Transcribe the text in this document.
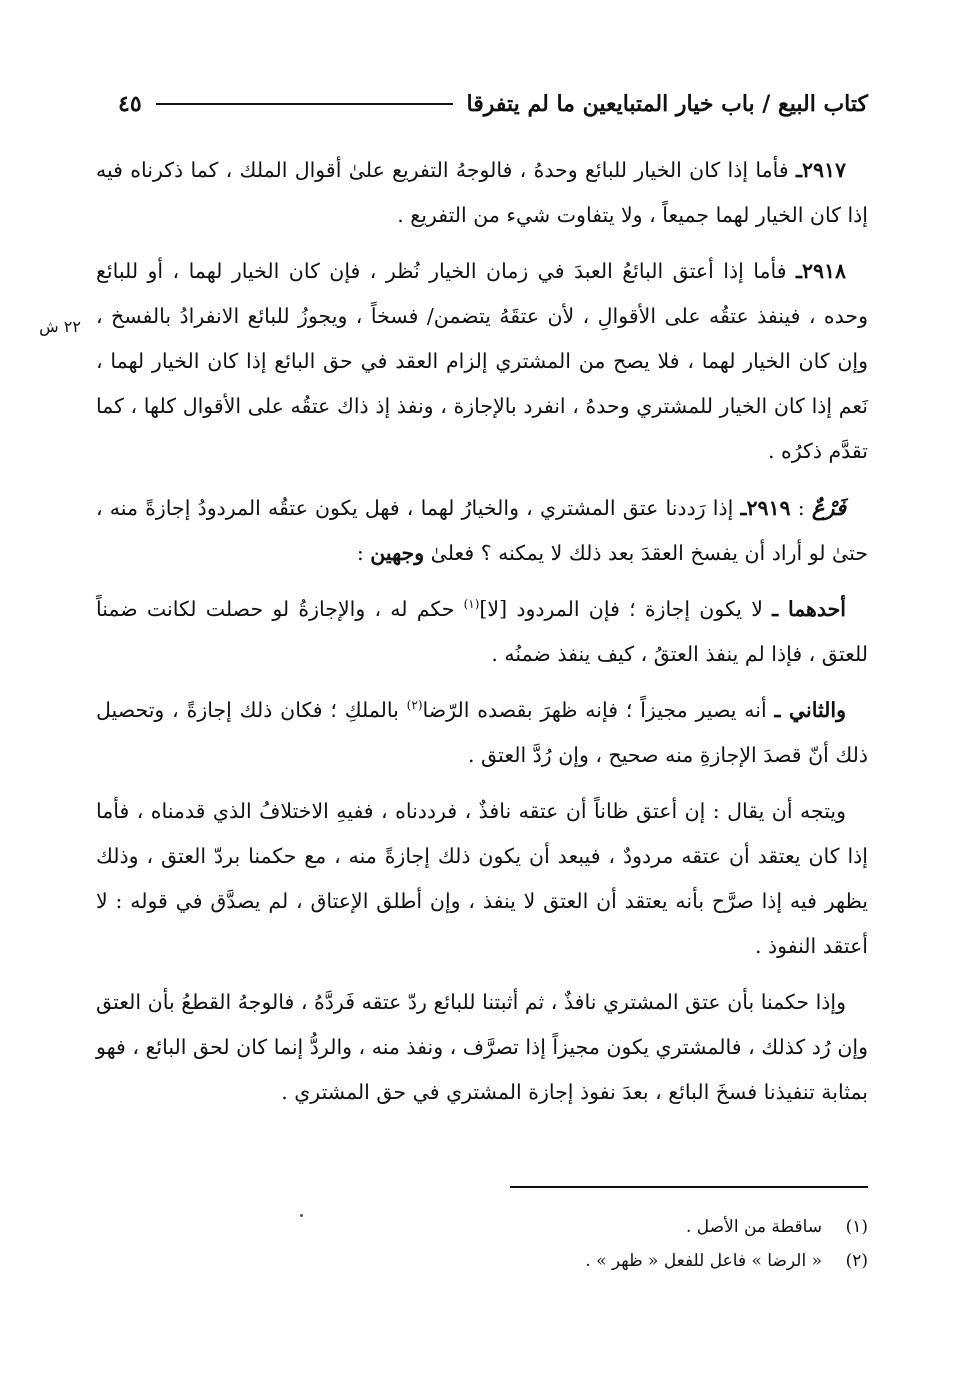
كتاب البيع / باب خيار المتبايعين ما لم يتفرقا
٤٥
٢٢ ش

٢٩١٧ـ فأما إذا كان الخيار للبائع وحدهُ ، فالوجهُ التفريع علىٰ أقوال الملك ، كما ذكرناه فيه إذا كان الخيار لهما جميعاً ، ولا يتفاوت شيء من التفريع .

٢٩١٨ـ فأما إذا أعتق البائعُ العبدَ في زمان الخيار نُظر ، فإن كان الخيار لهما ، أو للبائع وحده ، فينفذ عتقُه على الأقوالِ ، لأن عتقَهُ يتضمن/ فسخاً ، ويجوزُ للبائع الانفرادُ بالفسخ ، وإن كان الخيار لهما ، فلا يصح من المشتري إلزام العقد في حق البائع إذا كان الخيار لهما ، نَعم إذا كان الخيار للمشتري وحدهُ ، انفرد بالإجازة ، ونفذ إذ ذاك عتقُه على الأقوال كلها ، كما تقدَّم ذكرُه .

فَرْعٌ : ٢٩١٩ـ إذا رَددنا عتق المشتري ، والخيارُ لهما ، فهل يكون عتقُه المردودُ إجازةً منه ، حتىٰ لو أراد أن يفسخ العقدَ بعد ذلك لا يمكنه ؟ فعلىٰ وجهين :

أحدهما ـ لا يكون إجازة ؛ فإن المردود [لا]$^{(١)}$ حكم له ، والإجازةُ لو حصلت لكانت ضمناً للعتق ، فإذا لم ينفذ العتقُ ، كيف ينفذ ضمنُه .

والثاني ـ أنه يصير مجيزاً ؛ فإنه ظهرَ بقصده الرّضا$^{(٢)}$ بالملكِ ؛ فكان ذلك إجازةً ، وتحصيل ذلك أنّ قصدَ الإجازةِ منه صحيح ، وإن رُدَّ العتق .

ويتجه أن يقال : إن أعتق ظاناً أن عتقه نافذٌ ، فرددناه ، ففيهِ الاختلافُ الذي قدمناه ، فأما إذا كان يعتقد أن عتقه مردودٌ ، فيبعد أن يكون ذلك إجازةً منه ، مع حكمنا بردّ العتق ، وذلك يظهر فيه إذا صرَّح بأنه يعتقد أن العتق لا ينفذ ، وإن أطلق الإعتاق ، لم يصدَّق في قوله : لا أعتقد النفوذ .

وإذا حكمنا بأن عتق المشتري نافذٌ ، ثم أثبتنا للبائع ردّ عتقه فَردَّهُ ، فالوجهُ القطعُ بأن العتق وإن رُد كذلك ، فالمشتري يكون مجيزاً إذا تصرَّف ، ونفذ منه ، والردُّ إنما كان لحق البائع ، فهو بمثابة تنفيذنا فسخَ البائع ، بعدَ نفوذ إجازة المشتري في حق المشتري .

(١)
ساقطة من الأصل .
(٢)
« الرضا » فاعل للفعل « ظهر » .
